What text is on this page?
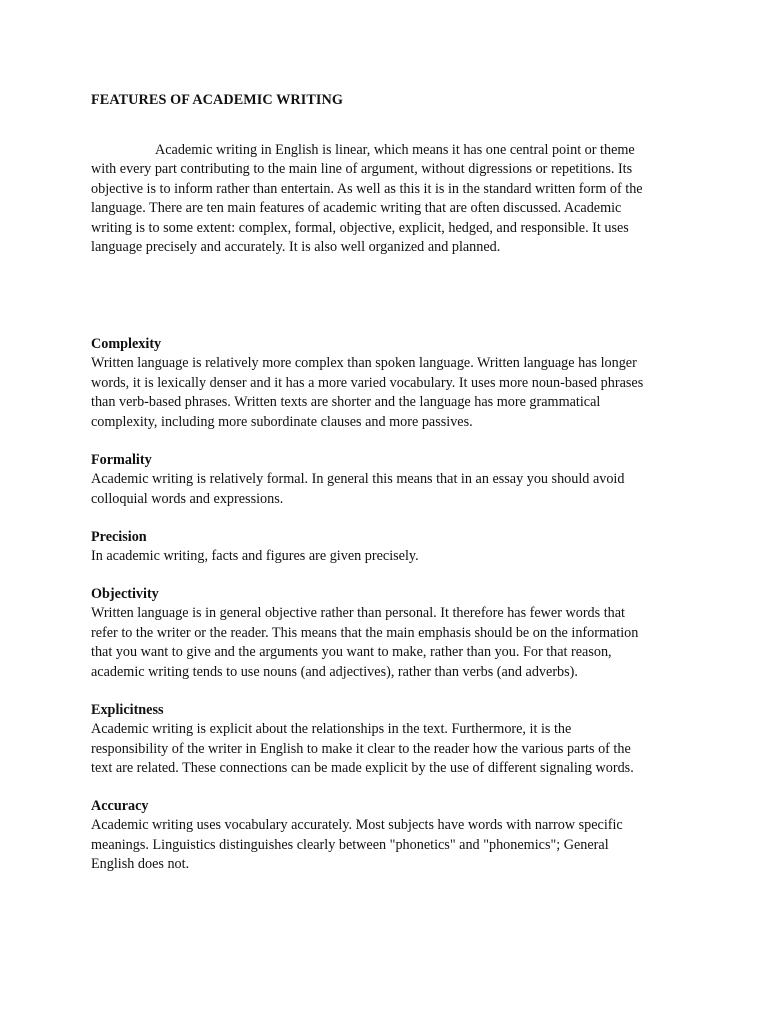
FEATURES OF ACADEMIC WRITING
Academic writing in English is linear, which means it has one central point or theme
with every part contributing to the main line of argument, without digressions or repetitions. Its
objective is to inform rather than entertain. As well as this it is in the standard written form of the
language. There are ten main features of academic writing that are often discussed. Academic
writing is to some extent: complex, formal, objective, explicit, hedged, and responsible. It uses
language precisely and accurately. It is also well organized and planned.
Complexity
Written language is relatively more complex than spoken language. Written language has longer
words, it is lexically denser and it has a more varied vocabulary. It uses more noun-based phrases
than verb-based phrases. Written texts are shorter and the language has more grammatical
complexity, including more subordinate clauses and more passives.
Formality
Academic writing is relatively formal. In general this means that in an essay you should avoid
colloquial words and expressions.
Precision
In academic writing, facts and figures are given precisely.
Objectivity
Written language is in general objective rather than personal. It therefore has fewer words that
refer to the writer or the reader. This means that the main emphasis should be on the information
that you want to give and the arguments you want to make, rather than you. For that reason,
academic writing tends to use nouns (and adjectives), rather than verbs (and adverbs).
Explicitness
Academic writing is explicit about the relationships in the text. Furthermore, it is the
responsibility of the writer in English to make it clear to the reader how the various parts of the
text are related. These connections can be made explicit by the use of different signaling words.
Accuracy
Academic writing uses vocabulary accurately. Most subjects have words with narrow specific
meanings. Linguistics distinguishes clearly between "phonetics" and "phonemics"; General
English does not.
